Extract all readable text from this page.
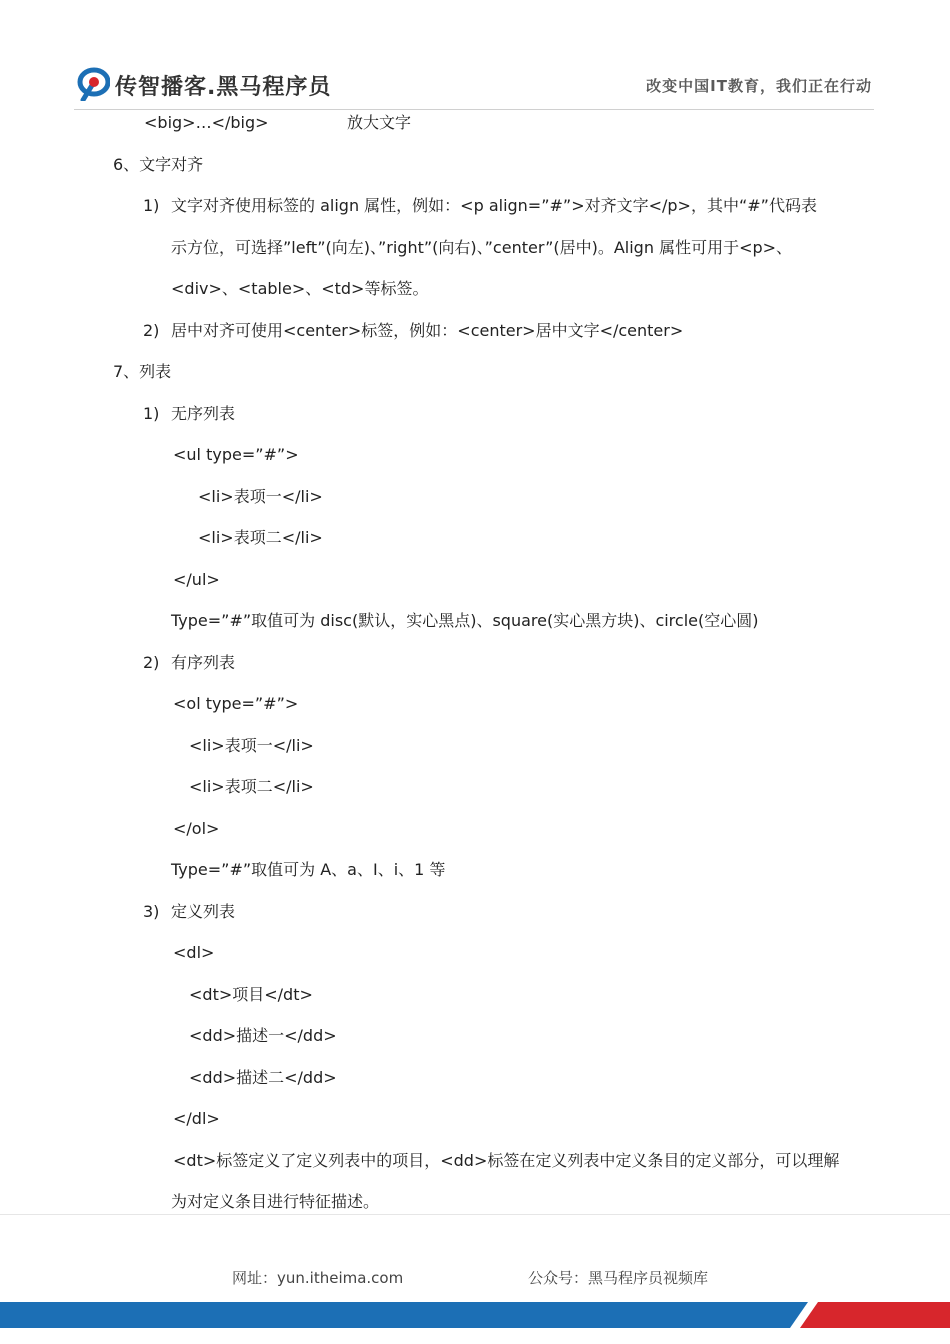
传智播客.黑马程序员	改变中国IT教育，我们正在行动
<big>…</big>	放大文字
6、文字对齐
1) 文字对齐使用标签的 align 属性，例如：<p align=”#”>对齐文字</p>，其中“#”代码表
示方位，可选择”left”(向左)、”right”(向右)、”center”(居中)。Align 属性可用于<p>、
<div>、<table>、<td>等标签。
2) 居中对齐可使用<center>标签，例如：<center>居中文字</center>
7、列表
1) 无序列表
<ul type=”#”>
<li>表项一</li>
<li>表项二</li>
</ul>
Type=”#”取值可为 disc(默认，实心黑点)、square(实心黑方块)、circle(空心圆)
2) 有序列表
<ol type=”#”>
<li>表项一</li>
<li>表项二</li>
</ol>
Type=”#”取值可为 A、a、I、i、1 等
3) 定义列表
<dl>
<dt>项目</dt>
<dd>描述一</dd>
<dd>描述二</dd>
</dl>
<dt>标签定义了定义列表中的项目，<dd>标签在定义列表中定义条目的定义部分，可以理解
为对定义条目进行特征描述。
网址：yun.itheima.com	公众号：黑马程序员视频库
